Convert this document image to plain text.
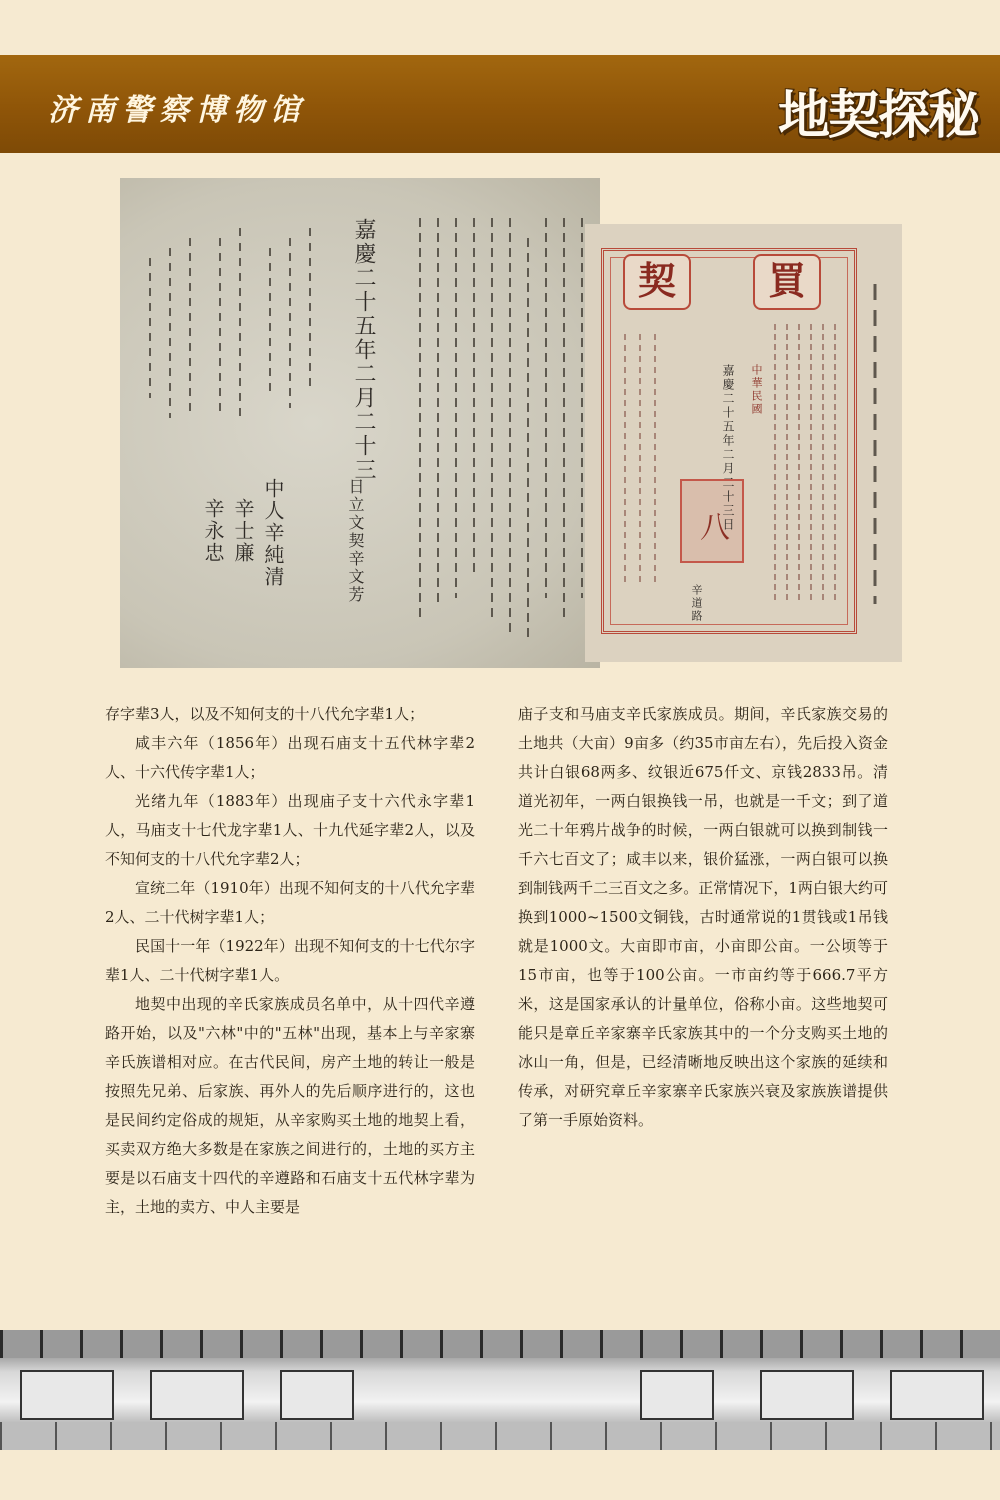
济南警察博物馆	地契探秘
嘉慶二十五年二月二十三
日立文契辛文芳
中人辛純清
辛士廉
辛永忠
契	買
八
中華民國
嘉慶二十五年二月二十三日
辛道路

存字辈3人，以及不知何支的十八代允字辈1人；

咸丰六年（1856年）出现石庙支十五代林字辈2人、十六代传字辈1人；

光绪九年（1883年）出现庙子支十六代永字辈1人，马庙支十七代龙字辈1人、十九代延字辈2人，以及不知何支的十八代允字辈2人；

宣统二年（1910年）出现不知何支的十八代允字辈2人、二十代树字辈1人；

民国十一年（1922年）出现不知何支的十七代尔字辈1人、二十代树字辈1人。

地契中出现的辛氏家族成员名单中，从十四代辛遵路开始，以及"六林"中的"五林"出现，基本上与辛家寨辛氏族谱相对应。在古代民间，房产土地的转让一般是按照先兄弟、后家族、再外人的先后顺序进行的，这也是民间约定俗成的规矩，从辛家购买土地的地契上看，买卖双方绝大多数是在家族之间进行的，土地的买方主要是以石庙支十四代的辛遵路和石庙支十五代林字辈为主，土地的卖方、中人主要是

庙子支和马庙支辛氏家族成员。期间，辛氏家族交易的土地共（大亩）9亩多（约35市亩左右），先后投入资金共计白银68两多、纹银近675仟文、京钱2833吊。清道光初年，一两白银换钱一吊，也就是一千文；到了道光二十年鸦片战争的时候，一两白银就可以换到制钱一千六七百文了；咸丰以来，银价猛涨，一两白银可以换到制钱两千二三百文之多。正常情况下，1两白银大约可换到1000~1500文铜钱，古时通常说的1贯钱或1吊钱就是1000文。大亩即市亩，小亩即公亩。一公顷等于15市亩，也等于100公亩。一市亩约等于666.7平方米，这是国家承认的计量单位，俗称小亩。这些地契可能只是章丘辛家寨辛氏家族其中的一个分支购买土地的冰山一角，但是，已经清晰地反映出这个家族的延续和传承，对研究章丘辛家寨辛氏家族兴衰及家族族谱提供了第一手原始资料。
